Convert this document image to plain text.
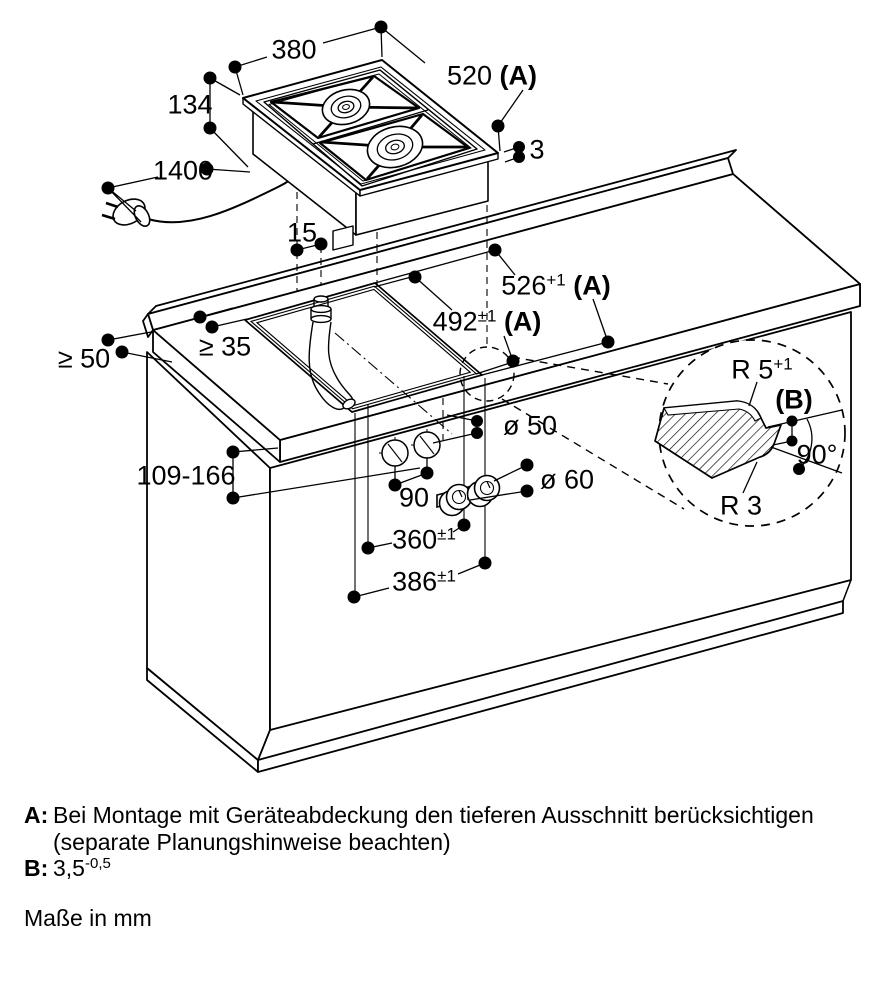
380
520 (A)
134
1400
3
15
$526^{+1}$ (A)
$492^{\pm 1}$ (A)
≥ 50	≥ 35
109-166
90
ø 50
ø 60
$360^{\pm 1}$
$386^{\pm 1}$
R $5^{+1}$
(B)
90°
R 3
A: Bei Montage mit Geräteabdeckung den tieferen Ausschnitt berücksichtigen
(separate Planungshinweise beachten)
B: $3,5^{-0,5}$
Maße in mm
